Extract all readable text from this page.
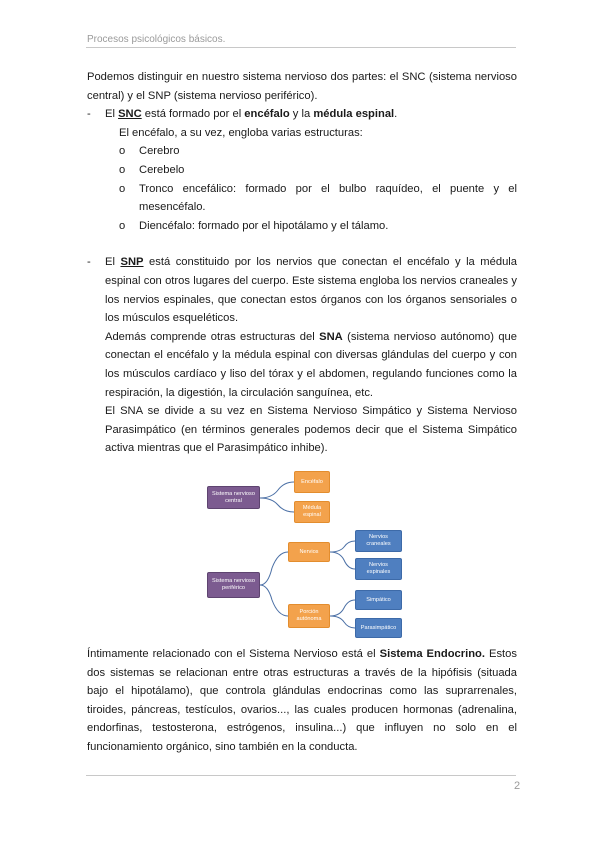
Procesos psicológicos básicos.

Podemos distinguir en nuestro sistema nervioso dos partes: el SNC (sistema nervioso central) y el SNP (sistema nervioso periférico).

- El SNC está formado por el encéfalo y la médula espinal.

El encéfalo, a su vez, engloba varias estructuras:

o Cerebro
o Cerebelo
o Tronco encefálico: formado por el bulbo raquídeo, el puente y el mesencéfalo.
o Diencéfalo: formado por el hipotálamo y el tálamo.

- El SNP está constituido por los nervios que conectan el encéfalo y la médula espinal con otros lugares del cuerpo. Este sistema engloba los nervios craneales y los nervios espinales, que conectan estos órganos con los órganos sensoriales o los músculos esqueléticos.

Además comprende otras estructuras del SNA (sistema nervioso autónomo) que conectan el encéfalo y la médula espinal con diversas glándulas del cuerpo y con los músculos cardíaco y liso del tórax y el abdomen, regulando funciones como la respiración, la digestión, la circulación sanguínea, etc.

El SNA se divide a su vez en Sistema Nervioso Simpático y Sistema Nervioso Parasimpático (en términos generales podemos decir que el Sistema Simpático activa mientras que el Parasimpático inhibe).

Sistema nervioso central
Encéfalo
Médula espinal
Sistema nervioso periférico
Nervios
Porción autónoma
Nervios craneales
Nervios espinales
Simpático
Parasimpático

Íntimamente relacionado con el Sistema Nervioso está el Sistema Endocrino. Estos dos sistemas se relacionan entre otras estructuras a través de la hipófisis (situada bajo el hipotálamo), que controla glándulas endocrinas como las suprarrenales, tiroides, páncreas, testículos, ovarios..., las cuales producen hormonas (adrenalina, endorfinas, testosterona, estrógenos, insulina...) que influyen no solo en el funcionamiento orgánico, sino también en la conducta.

2
